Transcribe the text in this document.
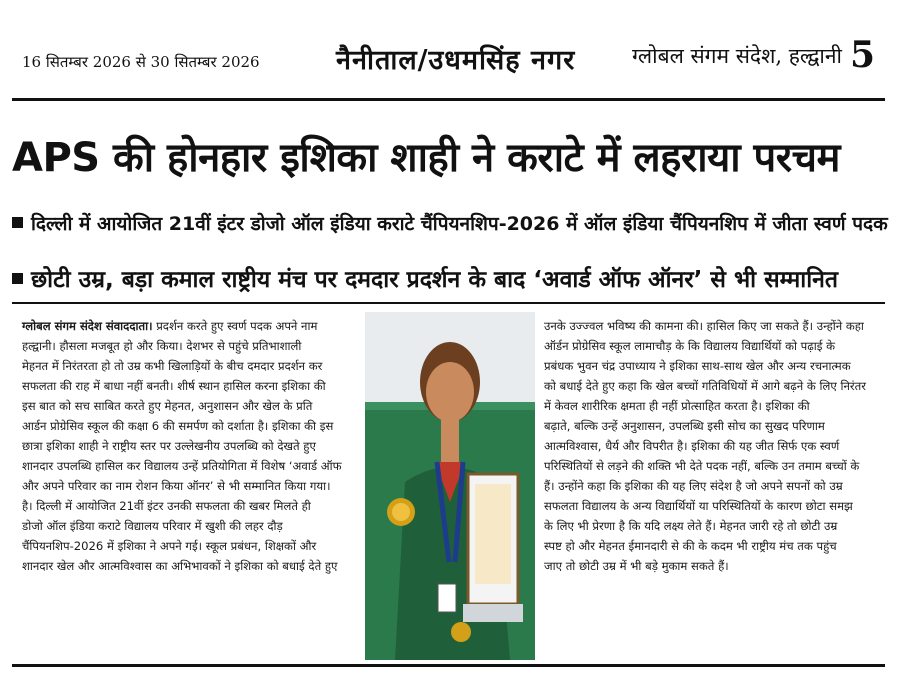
16 सितम्बर 2026 से 30 सितम्बर 2026	नैनीताल/उधमसिंह नगर	ग्लोबल संगम संदेश, हल्द्वानी 5
APS की होनहार इशिका शाही ने कराटे में लहराया परचम
दिल्ली में आयोजित 21वीं इंटर डोजो ऑल इंडिया कराटे चैंपियनशिप-2026 में ऑल इंडिया चैंपियनशिप में जीता स्वर्ण पदक
छोटी उम्र, बड़ा कमाल राष्ट्रीय मंच पर दमदार प्रदर्शन के बाद ‘अवार्ड ऑफ ऑनर’ से भी सम्मानित

ग्लोबल संगम संदेश संवाददाता। प्रदर्शन करते हुए स्वर्ण पदक अपने नाम

हल्द्वानी। हौसला मजबूत हो और किया। देशभर से पहुंचे प्रतिभाशाली

मेहनत में निरंतरता हो तो उम्र कभी खिलाड़ियों के बीच दमदार प्रदर्शन कर

सफलता की राह में बाधा नहीं बनती। शीर्ष स्थान हासिल करना इशिका की

इस बात को सच साबित करते हुए मेहनत, अनुशासन और खेल के प्रति

आर्डन प्रोग्रेसिव स्कूल की कक्षा 6 की समर्पण को दर्शाता है। इशिका की इस

छात्रा इशिका शाही ने राष्ट्रीय स्तर पर उल्लेखनीय उपलब्धि को देखते हुए

शानदार उपलब्धि हासिल कर विद्यालय उन्हें प्रतियोगिता में विशेष ‘अवार्ड ऑफ

और अपने परिवार का नाम रोशन किया ऑनर’ से भी सम्मानित किया गया।

है। दिल्ली में आयोजित 21वीं इंटर उनकी सफलता की खबर मिलते ही

डोजो ऑल इंडिया कराटे विद्यालय परिवार में खुशी की लहर दौड़

चैंपियनशिप-2026 में इशिका ने अपने गई। स्कूल प्रबंधन, शिक्षकों और

शानदार खेल और आत्मविश्वास का अभिभावकों ने इशिका को बधाई देते हुए

उनके उज्ज्वल भविष्य की कामना की। हासिल किए जा सकते हैं। उन्होंने कहा

ऑर्डन प्रोग्रेसिव स्कूल लामाचौड़ के कि विद्यालय विद्यार्थियों को पढ़ाई के

प्रबंधक भुवन चंद्र उपाध्याय ने इशिका साथ-साथ खेल और अन्य रचनात्मक

को बधाई देते हुए कहा कि खेल बच्चों गतिविधियों में आगे बढ़ने के लिए निरंतर

में केवल शारीरिक क्षमता ही नहीं प्रोत्साहित करता है। इशिका की

बढ़ाते, बल्कि उन्हें अनुशासन, उपलब्धि इसी सोच का सुखद परिणाम

आत्मविश्वास, धैर्य और विपरीत है। इशिका की यह जीत सिर्फ एक स्वर्ण

परिस्थितियों से लड़ने की शक्ति भी देते पदक नहीं, बल्कि उन तमाम बच्चों के

हैं। उन्होंने कहा कि इशिका की यह लिए संदेश है जो अपने सपनों को उम्र

सफलता विद्यालय के अन्य विद्यार्थियों या परिस्थितियों के कारण छोटा समझ

के लिए भी प्रेरणा है कि यदि लक्ष्य लेते हैं। मेहनत जारी रहे तो छोटी उम्र

स्पष्ट हो और मेहनत ईमानदारी से की के कदम भी राष्ट्रीय मंच तक पहुंच

जाए तो छोटी उम्र में भी बड़े मुकाम सकते हैं।
